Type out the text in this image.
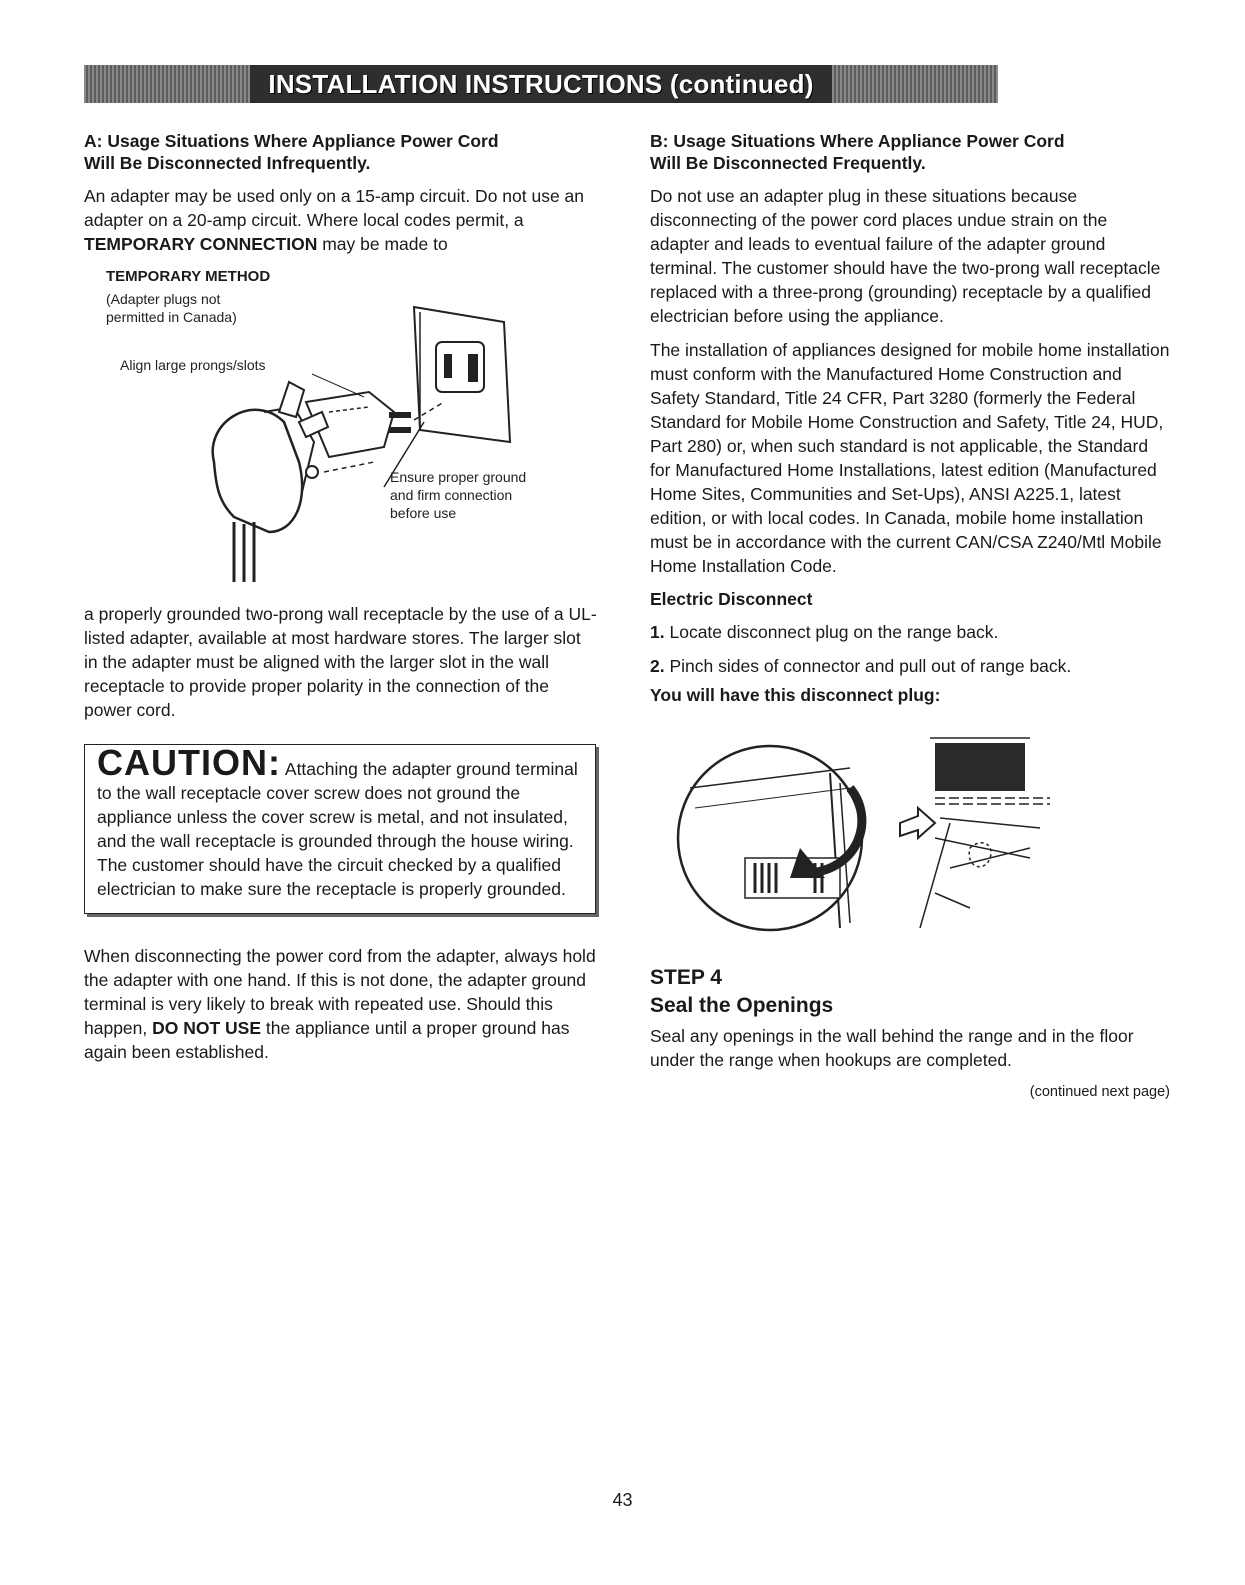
INSTALLATION INSTRUCTIONS (continued)
A: Usage Situations Where Appliance Power Cord
Will Be Disconnected Infrequently.

An adapter may be used only on a 15-amp circuit. Do not use an adapter on a 20-amp circuit. Where local codes permit, a TEMPORARY CONNECTION may be made to

TEMPORARY METHOD
(Adapter plugs not
permitted in Canada)
Align large prongs/slots
Ensure proper ground
and firm connection
before use

a properly grounded two-prong wall receptacle by the use of a UL-listed adapter, available at most hardware stores. The larger slot in the adapter must be aligned with the larger slot in the wall receptacle to provide proper polarity in the connection of the power cord.

CAUTION: Attaching the adapter ground terminal to the wall receptacle cover screw does not ground the appliance unless the cover screw is metal, and not insulated, and the wall receptacle is grounded through the house wiring. The customer should have the circuit checked by a qualified electrician to make sure the receptacle is properly grounded.

When disconnecting the power cord from the adapter, always hold the adapter with one hand. If this is not done, the adapter ground terminal is very likely to break with repeated use. Should this happen, DO NOT USE the appliance until a proper ground has again been established.

B: Usage Situations Where Appliance Power Cord
Will Be Disconnected Frequently.

Do not use an adapter plug in these situations because disconnecting of the power cord places undue strain on the adapter and leads to eventual failure of the adapter ground terminal. The customer should have the two-prong wall receptacle replaced with a three-prong (grounding) receptacle by a qualified electrician before using the appliance.

The installation of appliances designed for mobile home installation must conform with the Manufactured Home Construction and Safety Standard, Title 24 CFR, Part 3280 (formerly the Federal Standard for Mobile Home Construction and Safety, Title 24, HUD, Part 280) or, when such standard is not applicable, the Standard for Manufactured Home Installations, latest edition (Manufactured Home Sites, Communities and Set-Ups), ANSI A225.1, latest edition, or with local codes. In Canada, mobile home installation must be in accordance with the current CAN/CSA Z240/Mtl Mobile Home Installation Code.

Electric Disconnect
1. Locate disconnect plug on the range back.
2. Pinch sides of connector and pull out of range back.
You will have this disconnect plug:
STEP 4
Seal the Openings

Seal any openings in the wall behind the range and in the floor under the range when hookups are completed.

(continued next page)
43
